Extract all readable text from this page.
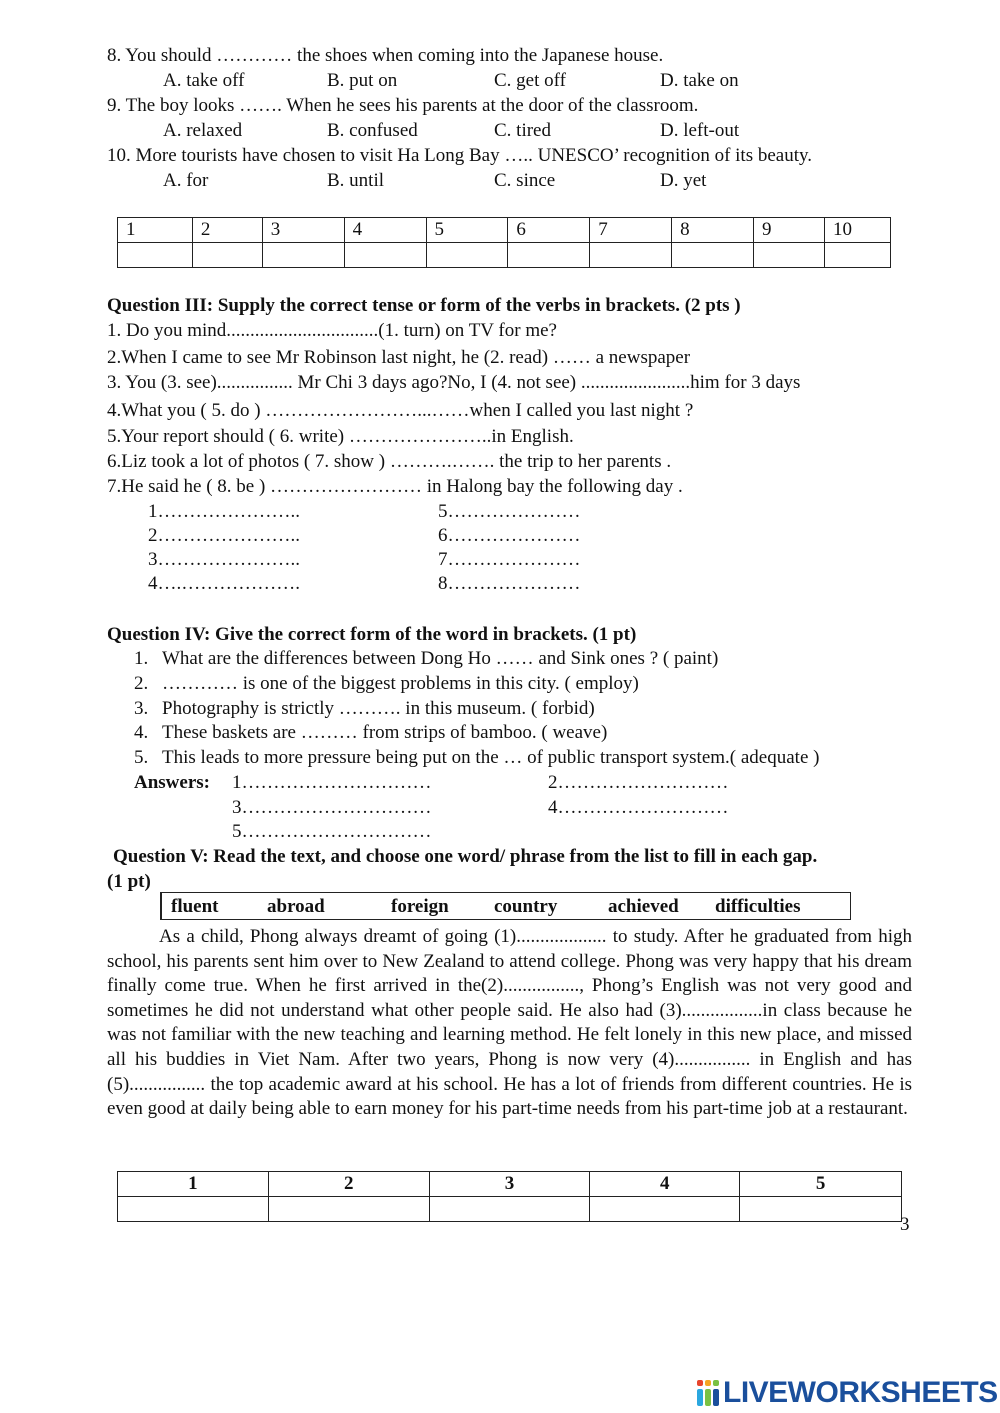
8. You should ………… the shoes when coming into the Japanese house.
A. take off	B. put on	C. get off	D. take on
9. The boy looks ……. When he sees his parents at the door of the classroom.
A. relaxed	B. confused	C. tired	D. left-out
10. More tourists have chosen to visit Ha Long Bay ….. UNESCO’ recognition of its beauty.
A. for	B. until	C. since	D. yet
1	2	3	4	5	6	7	8	9	10

Question III: Supply the correct tense or form of the verbs in brackets. (2 pts )
1. Do you mind................................(1. turn) on TV for me?
2.When I came to see Mr Robinson last night, he (2. read) …… a newspaper
3. You (3. see)................ Mr Chi 3 days ago?No, I (4. not see) .......................him for 3 days
4.What you ( 5. do ) ……………………...……when I called you last night ?
5.Your report should ( 6. write) …………………..in English.
6.Liz took a lot of photos ( 7. show ) ……….……. the trip to her parents .
7.He said he ( 8. be ) …………………… in Halong bay the following day .
1…………………..
2…………………..
3…………………..
4….……………….
5…………………
6…………………
7…………………
8…………………
Question IV: Give the correct form of the word in brackets. (1 pt)
1. What are the differences between Dong Ho …… and Sink ones ? ( paint)
2. ………… is one of the biggest problems in this city. ( employ)
3. Photography is strictly ………. in this museum. ( forbid)
4. These baskets are ……… from strips of bamboo. ( weave)
5. This leads to more pressure being put on the … of public transport system.( adequate )
Answers: 1…………………………	2………………………
3…………………………	4………………………
5…………………………
Question V: Read the text, and choose one word/ phrase from the list to fill in each gap.
(1 pt)
fluent	abroad	foreign country	achieved difficulties
As a child, Phong always dreamt of going (1)................... to study. After he graduated from high school, his parents sent him over to New Zealand to attend college. Phong was very happy that his dream finally come true. When he first arrived in the(2)................, Phong’s English was not very good and sometimes he did not understand what other people said. He also had (3).................in class because he was not familiar with the new teaching and learning method. He felt lonely in this new place, and missed all his buddies in Viet Nam. After two years, Phong is now very (4)................ in English and has (5)................ the top academic award at his school. He has a lot of friends from different countries. He is even good at daily being able to earn money for his part-time needs from his part-time job at a restaurant.
1	2	3	4	5

3
LIVEWORKSHEETS
